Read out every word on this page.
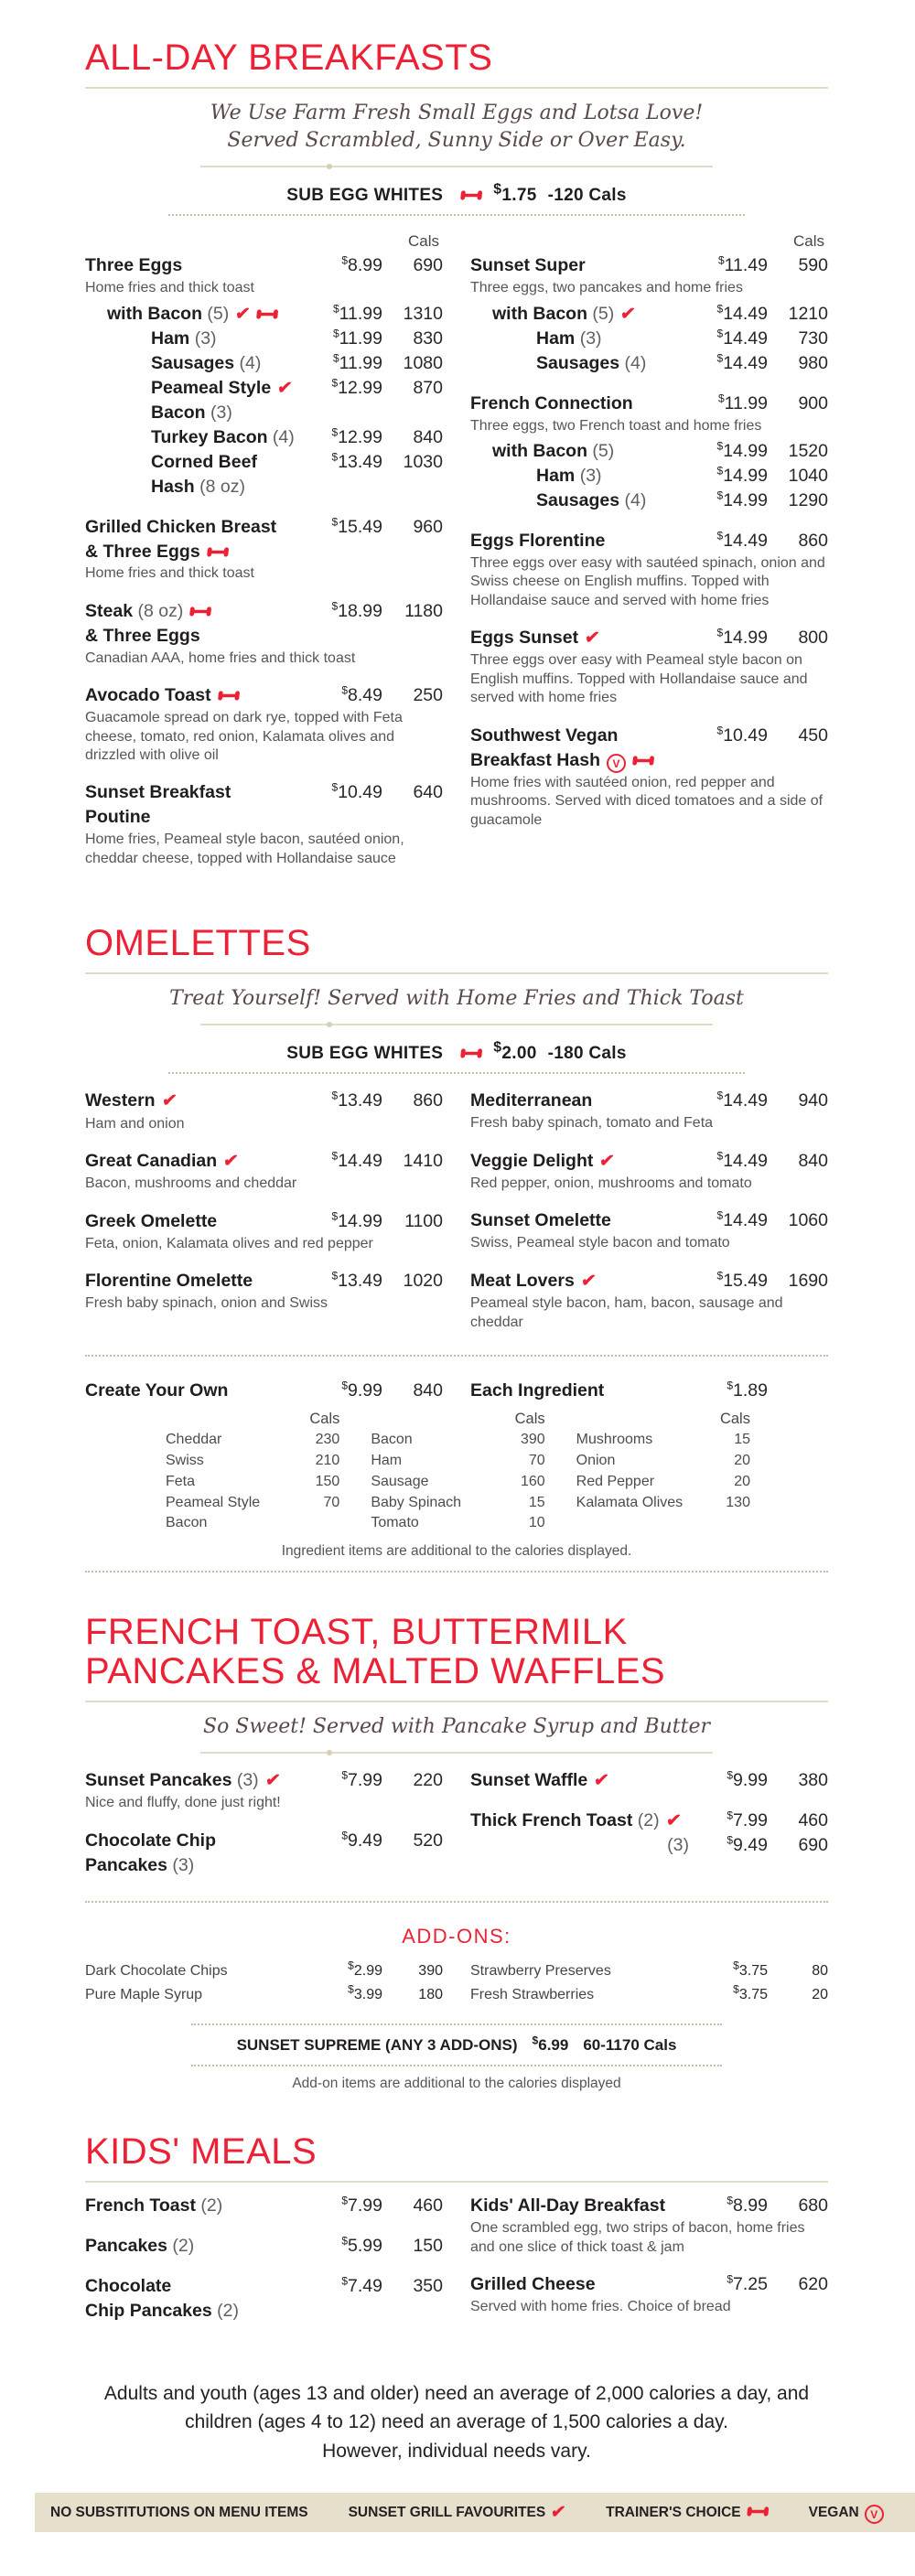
ALL-DAY BREAKFASTS
We Use Farm Fresh Small Eggs and Lotsa Love!
Served Scrambled, Sunny Side or Over Easy.
SUB EGG WHITES	$1.75 -120 Cals
Cals
Three Eggs	$8.99	690
Home fries and thick toast
with Bacon (5) ✔	$11.99	1310
Ham (3)	$11.99	830
Sausages (4)	$11.99	1080
Peameal Style ✔	$12.99	870
Bacon (3)
Turkey Bacon (4)	$12.99	840
Corned Beef	$13.49	1030
Hash (8 oz)
Grilled Chicken Breast	$15.49	960
& Three Eggs
Home fries and thick toast
Steak (8 oz)	$18.99	1180
& Three Eggs
Canadian AAA, home fries and thick toast
Avocado Toast	$8.49	250
Guacamole spread on dark rye, topped with Feta cheese, tomato, red onion, Kalamata olives and drizzled with olive oil
Sunset Breakfast	$10.49	640
Poutine
Home fries, Peameal style bacon, sautéed onion, cheddar cheese, topped with Hollandaise sauce
Cals
Sunset Super	$11.49	590
Three eggs, two pancakes and home fries
with Bacon (5) ✔	$14.49	1210
Ham (3)	$14.49	730
Sausages (4)	$14.49	980
French Connection	$11.99	900
Three eggs, two French toast and home fries
with Bacon (5)	$14.99	1520
Ham (3)	$14.99	1040
Sausages (4)	$14.99	1290
Eggs Florentine	$14.49	860
Three eggs over easy with sautéed spinach, onion and Swiss cheese on English muffins. Topped with Hollandaise sauce and served with home fries
Eggs Sunset ✔	$14.99	800
Three eggs over easy with Peameal style bacon on English muffins. Topped with Hollandaise sauce and served with home fries
Southwest Vegan	$10.49	450
Breakfast Hash V
Home fries with sautéed onion, red pepper and mushrooms. Served with diced tomatoes and a side of guacamole
OMELETTES
Treat Yourself! Served with Home Fries and Thick Toast
SUB EGG WHITES	$2.00 -180 Cals
Western ✔	$13.49	860
Ham and onion
Great Canadian ✔	$14.49	1410
Bacon, mushrooms and cheddar
Greek Omelette	$14.99	1100
Feta, onion, Kalamata olives and red pepper
Florentine Omelette	$13.49	1020
Fresh baby spinach, onion and Swiss
Mediterranean	$14.49	940
Fresh baby spinach, tomato and Feta
Veggie Delight ✔	$14.49	840
Red pepper, onion, mushrooms and tomato
Sunset Omelette	$14.49	1060
Swiss, Peameal style bacon and tomato
Meat Lovers ✔	$15.49	1690
Peameal style bacon, ham, bacon, sausage and cheddar
Create Your Own	$9.99	840 Each Ingredient	$1.89
Cals
Cheddar	230
Swiss	210
Feta	150
Peameal Style	70
Bacon
Cals
Bacon	390
Ham	70
Sausage	160
Baby Spinach	15
Tomato	10
Cals
Mushrooms	15
Onion	20
Red Pepper	20
Kalamata Olives	130
Ingredient items are additional to the calories displayed.
FRENCH TOAST, BUTTERMILK
PANCAKES & MALTED WAFFLES
So Sweet! Served with Pancake Syrup and Butter
Sunset Pancakes (3) ✔	$7.99	220
Nice and fluffy, done just right!
Chocolate Chip	$9.49	520
Pancakes (3)
Sunset Waffle ✔	$9.99	380
Thick French Toast (2) ✔	$7.99	460
(3)	$9.49	690
ADD-ONS:
Dark Chocolate Chips	$2.99	390
Pure Maple Syrup	$3.99	180
Strawberry Preserves	$3.75	80
Fresh Strawberries	$3.75	20
SUNSET SUPREME (ANY 3 ADD-ONS) $6.99 60-1170 Cals
Add-on items are additional to the calories displayed
KIDS' MEALS
French Toast (2)	$7.99	460
Pancakes (2)	$5.99	150
Chocolate	$7.49	350
Chip Pancakes (2)
Kids' All-Day Breakfast	$8.99	680
One scrambled egg, two strips of bacon, home fries and one slice of thick toast & jam
Grilled Cheese	$7.25	620
Served with home fries. Choice of bread
Adults and youth (ages 13 and older) need an average of 2,000 calories a day, and
children (ages 4 to 12) need an average of 1,500 calories a day.
However, individual needs vary.
NO SUBSTITUTIONS ON MENU ITEMS	SUNSET GRILL FAVOURITES ✔	TRAINER'S CHOICE	VEGAN	V
